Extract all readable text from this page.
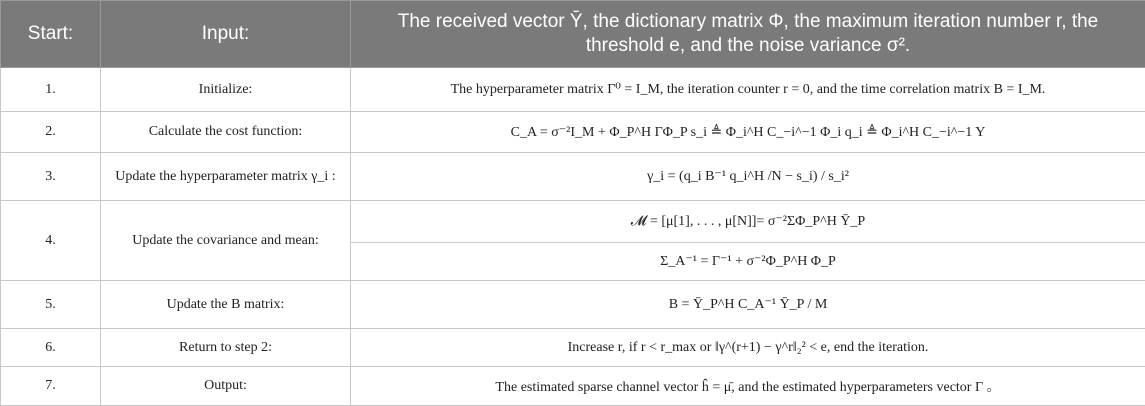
Start:	Input:	The received vector Ȳ, the dictionary matrix Φ, the maximum iteration number r, the threshold e, and the noise variance σ².
1.	Initialize:	The hyperparameter matrix Γ⁰ = I_M, the iteration counter r = 0, and the time correlation matrix B = I_M.
2.	Calculate the cost function:	C_A = σ⁻²I_M + Φ_P^H ΓΦ_P s_i ≜ Φ_i^H C_−i^−1 Φ_i q_i ≜ Φ_i^H C_−i^−1 Y
3.	Update the hyperparameter matrix γ_i :	γ_i = (q_i B⁻¹ q_i^H /N − s_i) / s_i²
4.	Update the covariance and mean:	𝓜 = [μ[1], . . . , μ[N]]= σ⁻²ΣΦ_P^H Ȳ_P
		Σ_A⁻¹ = Γ⁻¹ + σ⁻²Φ_P^H Φ_P
5.	Update the B matrix:	B = Ȳ_P^H C_A⁻¹ Ȳ_P / M
6.	Return to step 2:	Increase r, if r < r_max or ‖γ^(r+1) − γ^r‖₂² < e, end the iteration.
7.	Output:	The estimated sparse channel vector ĥ = μ̄, and the estimated hyperparameters vector Γ 。
